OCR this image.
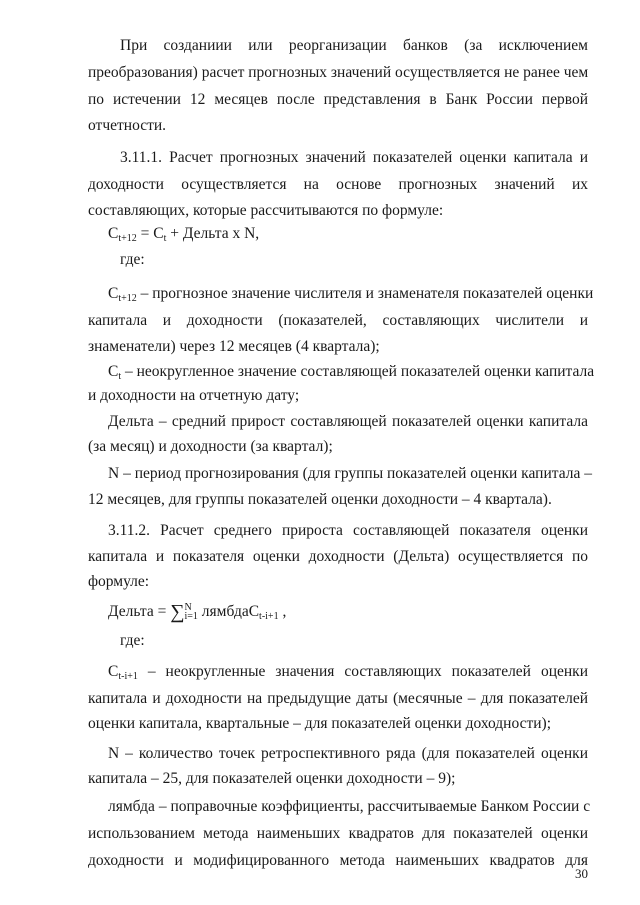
При созданиии или реорганизации банков (за исключением
преобразования) расчет прогнозных значений осуществляется не ранее чем
по истечении 12 месяцев после представления в Банк России первой
отчетности.
3.11.1. Расчет прогнозных значений показателей оценки капитала и
доходности осуществляется на основе прогнозных значений их
составляющих, которые рассчитываются по формуле:
Ct+12 = Ct + Дельта x N,
где:
Ct+12 – прогнозное значение числителя и знаменателя показателей оценки
капитала и доходности (показателей, составляющих числители и
знаменатели) через 12 месяцев (4 квартала);
Ct – неокругленное значение составляющей показателей оценки капитала
и доходности на отчетную дату;
Дельта – средний прирост составляющей показателей оценки капитала
(за месяц) и доходности (за квартал);
N – период прогнозирования (для группы показателей оценки капитала –
12 месяцев, для группы показателей оценки доходности – 4 квартала).
3.11.2. Расчет среднего прироста составляющей показателя оценки
капитала и показателя оценки доходности (Дельта) осуществляется по
формуле:
Дельта = ∑ N
i=1 лямбдаCt-i+1 ,
где:
Ct-i+1 – неокругленные значения составляющих показателей оценки
капитала и доходности на предыдущие даты (месячные – для показателей
оценки капитала, квартальные – для показателей оценки доходности);
N – количество точек ретроспективного ряда (для показателей оценки
капитала – 25, для показателей оценки доходности – 9);
лямбда – поправочные коэффициенты, рассчитываемые Банком России с
использованием метода наименьших квадратов для показателей оценки
доходности и модифицированного метода наименьших квадратов для
30
